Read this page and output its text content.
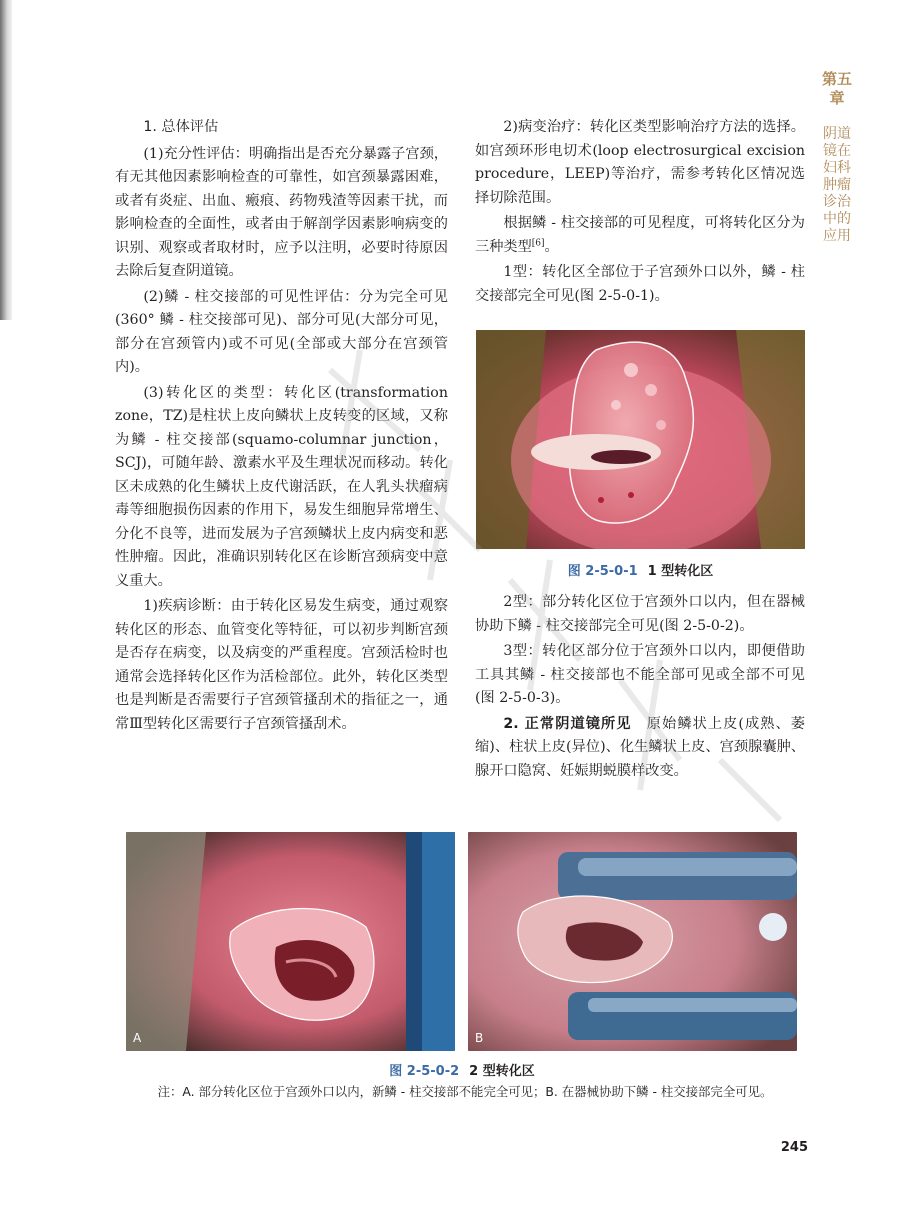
第五章
阴道镜在妇科肿瘤诊治中的应用

1. 总体评估

(1)充分性评估：明确指出是否充分暴露子宫颈，有无其他因素影响检查的可靠性，如宫颈暴露困难，或者有炎症、出血、瘢痕、药物残渣等因素干扰，而影响检查的全面性，或者由于解剖学因素影响病变的识别、观察或者取材时，应予以注明，必要时待原因去除后复查阴道镜。

(2)鳞 - 柱交接部的可见性评估：分为完全可见(360° 鳞 - 柱交接部可见)、部分可见(大部分可见，部分在宫颈管内)或不可见(全部或大部分在宫颈管内)。

(3)转化区的类型：转化区(transformation zone，TZ)是柱状上皮向鳞状上皮转变的区域，又称为鳞 - 柱交接部(squamo-columnar junction，SCJ)，可随年龄、激素水平及生理状况而移动。转化区未成熟的化生鳞状上皮代谢活跃，在人乳头状瘤病毒等细胞损伤因素的作用下，易发生细胞异常增生、分化不良等，进而发展为子宫颈鳞状上皮内病变和恶性肿瘤。因此，准确识别转化区在诊断宫颈病变中意义重大。

1)疾病诊断：由于转化区易发生病变，通过观察转化区的形态、血管变化等特征，可以初步判断宫颈是否存在病变，以及病变的严重程度。宫颈活检时也通常会选择转化区作为活检部位。此外，转化区类型也是判断是否需要行子宫颈管搔刮术的指征之一，通常Ⅲ型转化区需要行子宫颈管搔刮术。

2)病变治疗：转化区类型影响治疗方法的选择。如宫颈环形电切术(loop electrosurgical excision procedure，LEEP)等治疗，需参考转化区情况选择切除范围。

根据鳞 - 柱交接部的可见程度，可将转化区分为三种类型[6]。

1型：转化区全部位于子宫颈外口以外，鳞 - 柱交接部完全可见(图 2-5-0-1)。

图 2-5-0-1 1 型转化区

2型：部分转化区位于宫颈外口以内，但在器械协助下鳞 - 柱交接部完全可见(图 2-5-0-2)。

3型：转化区部分位于宫颈外口以内，即便借助工具其鳞 - 柱交接部也不能全部可见或全部不可见(图 2-5-0-3)。

2. 正常阴道镜所见　 原始鳞状上皮(成熟、萎缩)、柱状上皮(异位)、化生鳞状上皮、宫颈腺囊肿、腺开口隐窝、妊娠期蜕膜样改变。

A	B
图 2-5-0-2 2 型转化区
注：A. 部分转化区位于宫颈外口以内，新鳞 - 柱交接部不能完全可见；B. 在器械协助下鳞 - 柱交接部完全可见。
245
